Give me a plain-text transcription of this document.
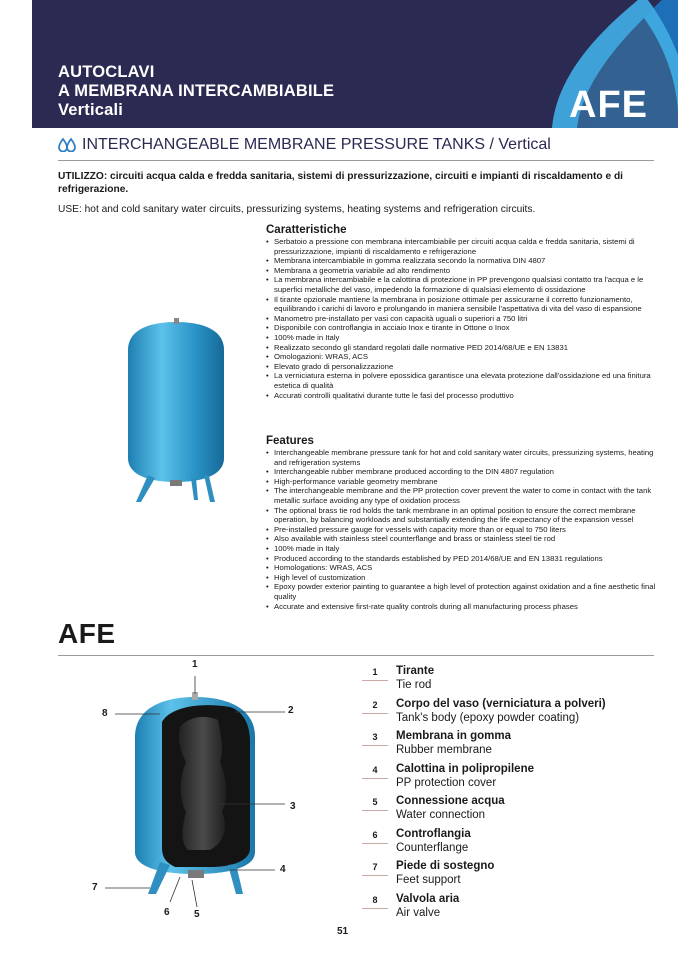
AUTOCLAVI
A MEMBRANA INTERCAMBIABILE
Verticali	AFE
INTERCHANGEABLE MEMBRANE PRESSURE TANKS / Vertical
UTILIZZO: circuiti acqua calda e fredda sanitaria, sistemi di pressurizzazione, circuiti e impianti di riscaldamento e di refrigerazione.
USE: hot and cold sanitary water circuits, pressurizing systems, heating systems and refrigeration circuits.
Caratteristiche
• Serbatoio a pressione con membrana intercambiabile per circuiti acqua calda e fredda sanitaria, sistemi di pressurizzazione, impianti di riscaldamento e refrigerazione
• Membrana intercambiabile in gomma realizzata secondo la normativa DIN 4807
• Membrana a geometria variabile ad alto rendimento
• La membrana intercambiabile e la calottina di protezione in PP prevengono qualsiasi contatto tra l'acqua e le superfici metalliche del vaso, impedendo la formazione di qualsiasi elemento di ossidazione
• Il tirante opzionale mantiene la membrana in posizione ottimale per assicurarne il corretto funzionamento, equilibrando i carichi di lavoro e prolungando in maniera sensibile l'aspettativa di vita del vaso di espansione
• Manometro pre-installato per vasi con capacità uguali o superiori a 750 litri
• Disponibile con controflangia in acciaio Inox e tirante in Ottone o Inox
• 100% made in Italy
• Realizzato secondo gli standard regolati dalle normative PED 2014/68/UE e EN 13831
• Omologazioni: WRAS, ACS
• Elevato grado di personalizzazione
• La verniciatura esterna in polvere epossidica garantisce una elevata protezione dall'ossidazione ed una finitura estetica di qualità
• Accurati controlli qualitativi durante tutte le fasi del processo produttivo
Features
• Interchangeable membrane pressure tank for hot and cold sanitary water circuits, pressurizing systems, heating and refrigeration systems
• Interchangeable rubber membrane produced according to the DIN 4807 regulation
• High-performance variable geometry membrane
• The interchangeable membrane and the PP protection cover prevent the water to come in contact with the tank metallic surface avoiding any type of oxidation process
• The optional brass tie rod holds the tank membrane in an optimal position to ensure the correct membrane operation, by balancing workloads and substantially extending the life expectancy of the expansion vessel
• Pre-installed pressure gauge for vessels with capacity more than or equal to 750 liters
• Also available with stainless steel counterflange and brass or stainless steel tie rod
• 100% made in Italy
• Produced according to the standards established by PED 2014/68/UE and EN 13831 regulations
• Homologations: WRAS, ACS
• High level of customization
• Epoxy powder exterior painting to guarantee a high level of protection against oxidation and a fine aesthetic final quality
• Accurate and extensive first-rate quality controls during all manufacturing process phases
AFE
1
2
3
4
5
6
7
8
1	Tirante
Tie rod
2	Corpo del vaso (verniciatura a polveri)
Tank's body (epoxy powder coating)
3	Membrana in gomma
Rubber membrane
4	Calottina in polipropilene
PP protection cover
5	Connessione acqua
Water connection
6	Controflangia
Counterflange
7	Piede di sostegno
Feet support
8	Valvola aria
Air valve
51
